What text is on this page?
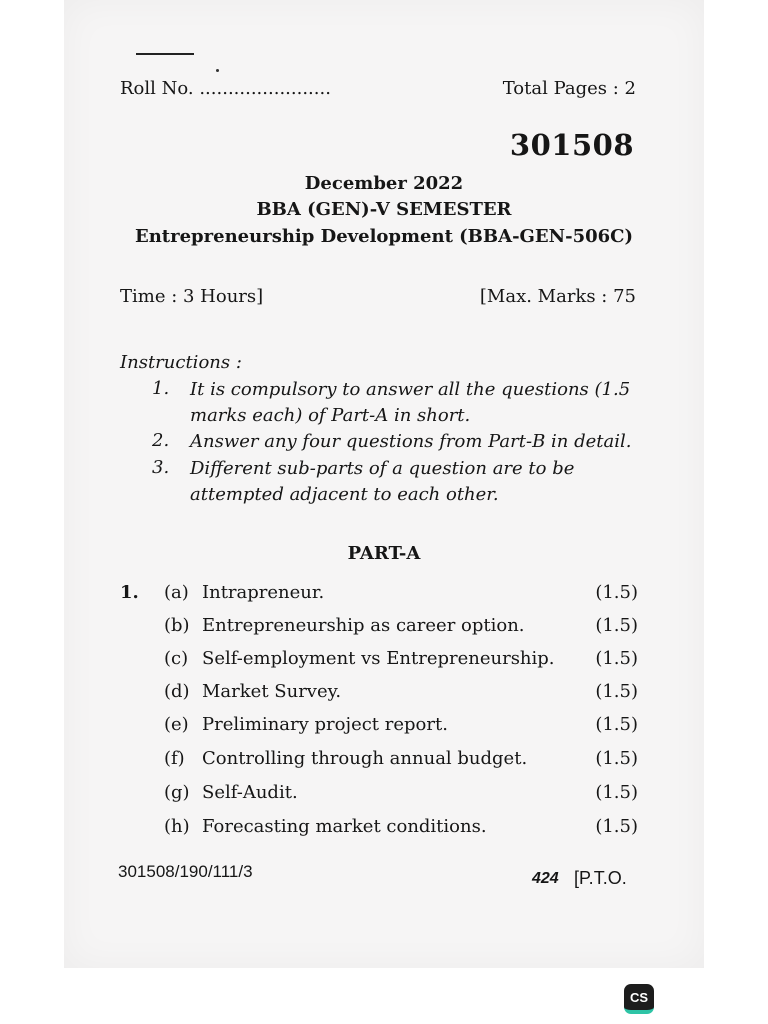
Roll No. .......................	Total Pages : 2
301508
December 2022
BBA (GEN)-V SEMESTER
Entrepreneurship Development (BBA-GEN-506C)
Time : 3 Hours]	[Max. Marks : 75
Instructions :
1. It is compulsory to answer all the questions (1.5 marks each) of Part-A in short.
2. Answer any four questions from Part-B in detail.
3. Different sub-parts of a question are to be attempted adjacent to each other.
PART-A
1. (a) Intrapreneur.	(1.5)
(b) Entrepreneurship as career option.	(1.5)
(c) Self-employment vs Entrepreneurship. (1.5)
(d) Market Survey.	(1.5)
(e) Preliminary project report.	(1.5)
(f) Controlling through annual budget.	(1.5)
(g) Self-Audit.	(1.5)
(h) Forecasting market conditions.	(1.5)
301508/190/111/3	424 [P.T.O.
CS
